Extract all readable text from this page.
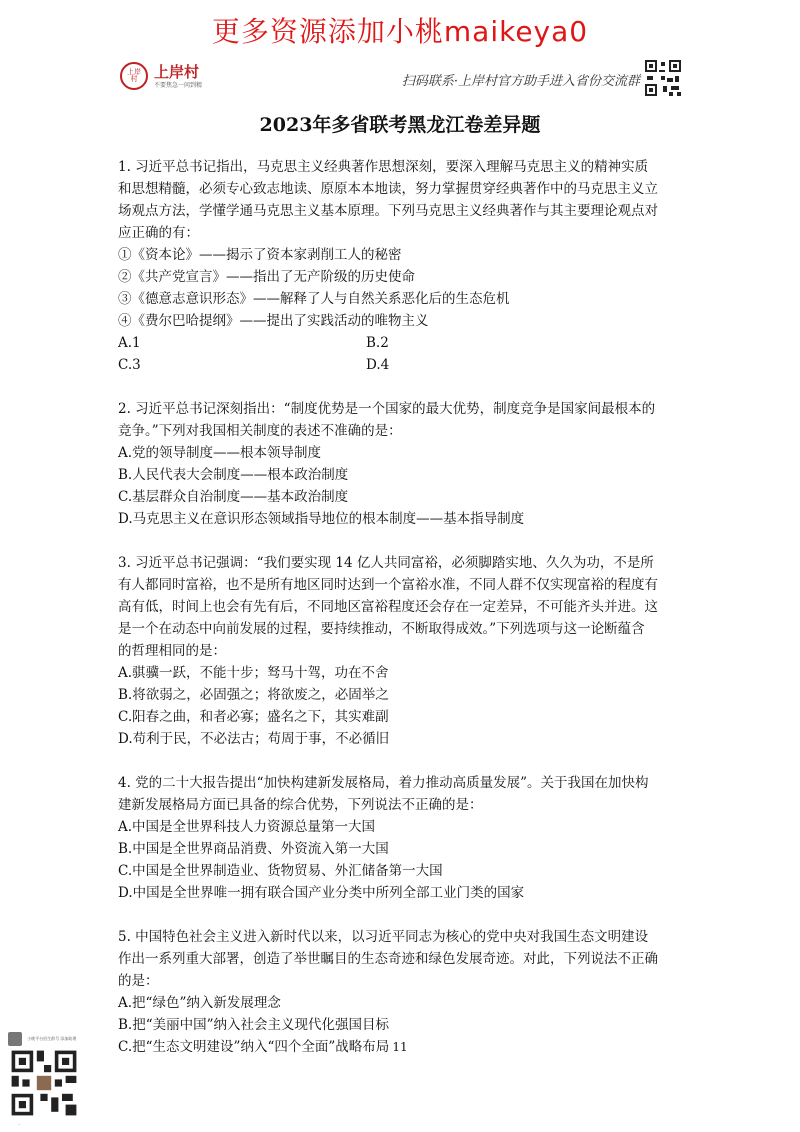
更多资源添加小桃maikeya0
上岸
村 上岸村
不要焦急一问到精	扫码联系·上岸村官方助手进入省份交流群
2023年多省联考黑龙江卷差异题
1. 习近平总书记指出，马克思主义经典著作思想深刻，要深入理解马克思主义的精神实质
和思想精髓，必须专心致志地读、原原本本地读，努力掌握贯穿经典著作中的马克思主义立
场观点方法，学懂学通马克思主义基本原理。下列马克思主义经典著作与其主要理论观点对
应正确的有：
①《资本论》——揭示了资本家剥削工人的秘密
②《共产党宣言》——指出了无产阶级的历史使命
③《德意志意识形态》——解释了人与自然关系恶化后的生态危机
④《费尔巴哈提纲》——提出了实践活动的唯物主义
A.1	B.2
C.3	D.4
2. 习近平总书记深刻指出：“制度优势是一个国家的最大优势，制度竞争是国家间最根本的
竞争。”下列对我国相关制度的表述不准确的是：
A.党的领导制度——根本领导制度
B.人民代表大会制度——根本政治制度
C.基层群众自治制度——基本政治制度
D.马克思主义在意识形态领域指导地位的根本制度——基本指导制度
3. 习近平总书记强调：“我们要实现 14 亿人共同富裕，必须脚踏实地、久久为功，不是所
有人都同时富裕，也不是所有地区同时达到一个富裕水准，不同人群不仅实现富裕的程度有
高有低，时间上也会有先有后，不同地区富裕程度还会存在一定差异，不可能齐头并进。这
是一个在动态中向前发展的过程，要持续推动，不断取得成效。”下列选项与这一论断蕴含
的哲理相同的是：
A.骐骥一跃，不能十步；驽马十驾，功在不舍
B.将欲弱之，必固强之；将欲废之，必固举之
C.阳春之曲，和者必寡；盛名之下，其实难副
D.苟利于民，不必法古；苟周于事，不必循旧
4. 党的二十大报告提出“加快构建新发展格局，着力推动高质量发展”。关于我国在加快构
建新发展格局方面已具备的综合优势，下列说法不正确的是：
A.中国是全世界科技人力资源总量第一大国
B.中国是全世界商品消费、外资流入第一大国
C.中国是全世界制造业、货物贸易、外汇储备第一大国
D.中国是全世界唯一拥有联合国产业分类中所列全部工业门类的国家
5. 中国特色社会主义进入新时代以来，以习近平同志为核心的党中央对我国生态文明建设
作出一系列重大部署，创造了举世瞩目的生态奇迹和绿色发展奇迹。对此，下列说法不正确
的是：
A.把“绿色”纳入新发展理念
B.把“美丽中国”纳入社会主义现代化强国目标
C.把“生态文明建设”纳入“四个全面”战略布局 11
小桃平台招生群号 添加助理
··
